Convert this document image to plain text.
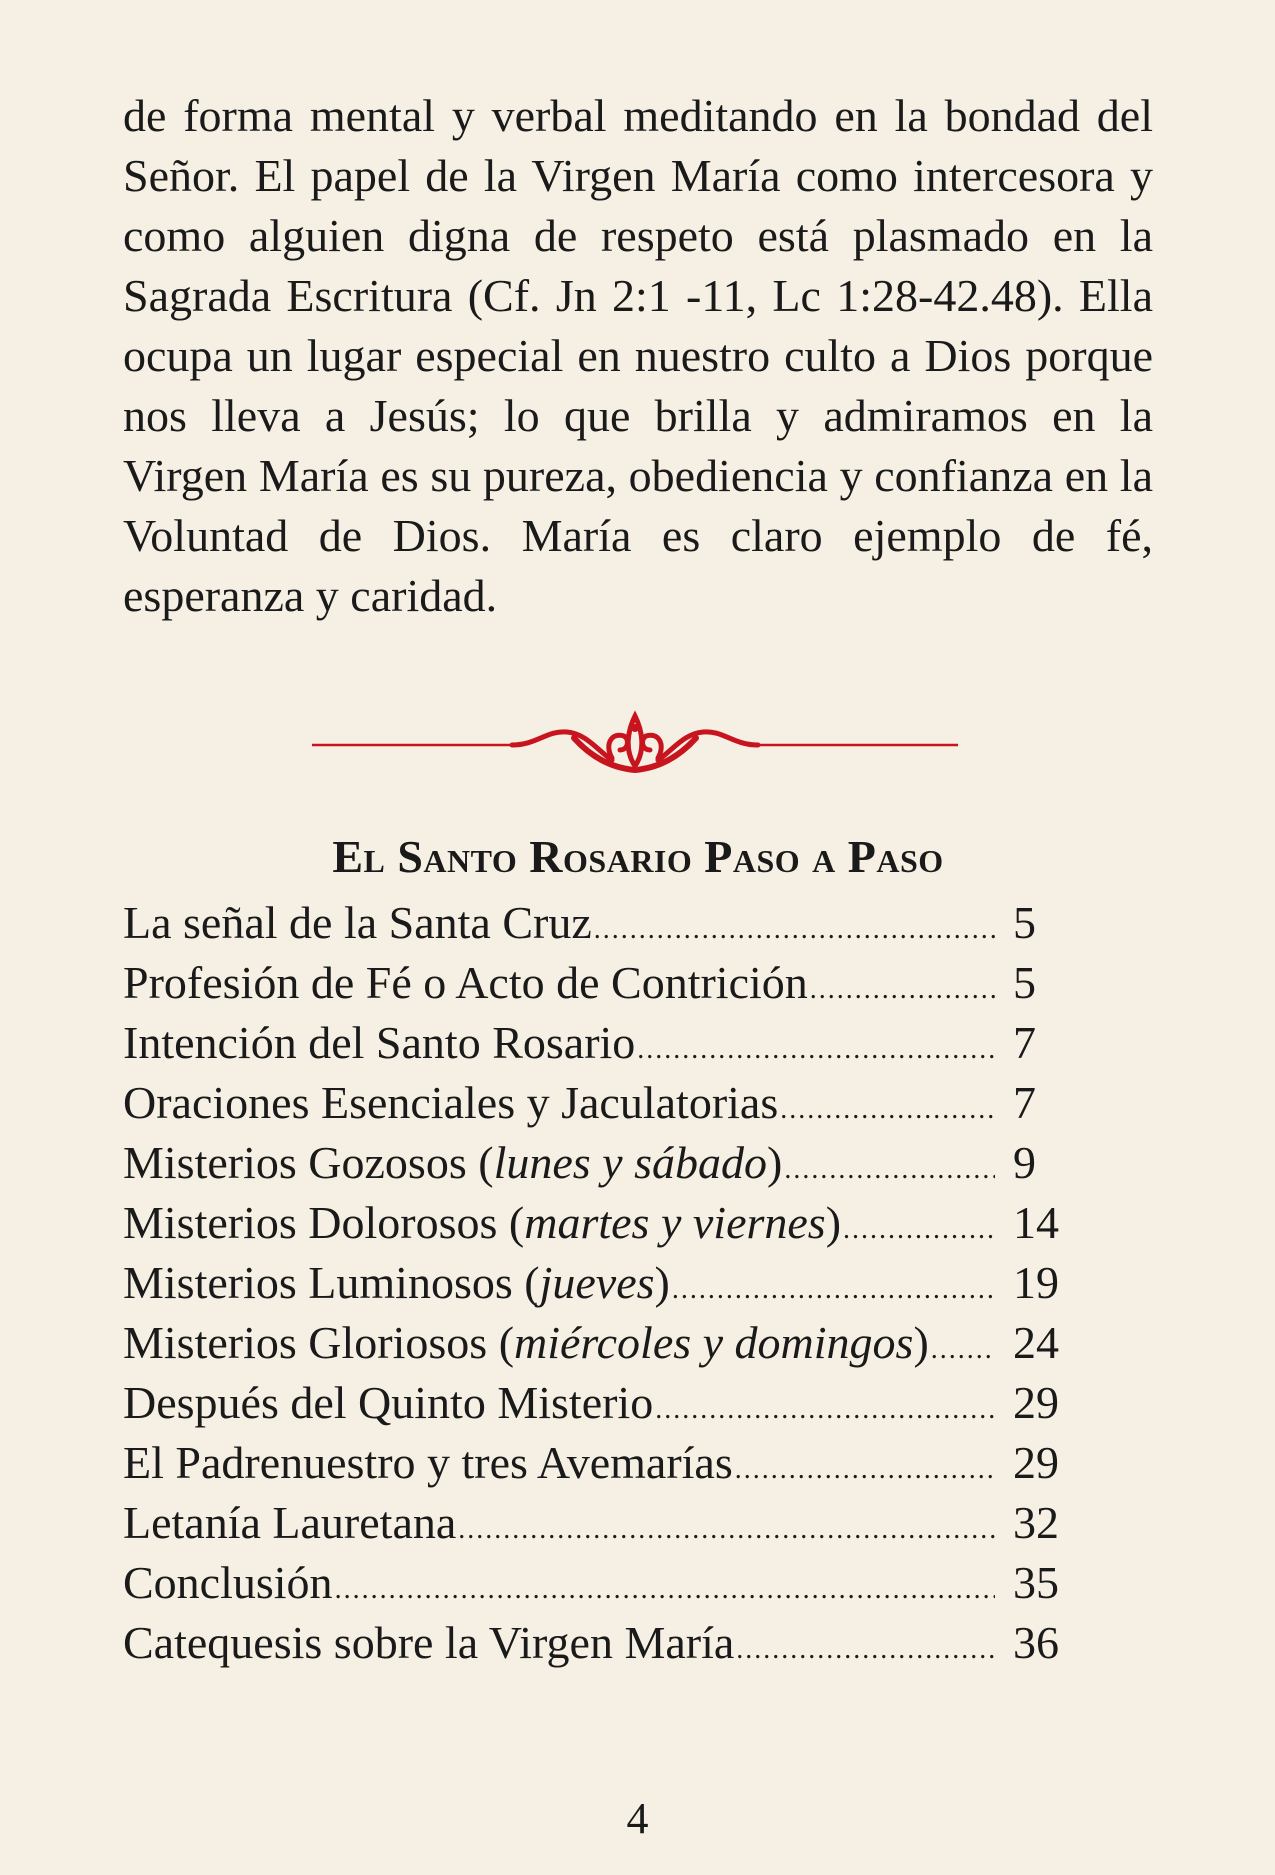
de forma mental y verbal meditando en la bondad del Señor. El papel de la Virgen María como intercesora y como alguien digna de respeto está plasmado en la Sagrada Escritura (Cf. Jn 2:1 -11, Lc 1:28-42.48). Ella ocupa un lugar especial en nuestro culto a Dios porque nos lleva a Jesús; lo que brilla y admiramos en la Virgen María es su pureza, obediencia y confianza en la Voluntad de Dios. María es claro ejemplo de fé, esperanza y caridad.

El Santo Rosario Paso a Paso
La señal de la Santa Cruz .....	5
Profesión de Fé o Acto de Contrición .....	5
Intención del Santo Rosario .....	7
Oraciones Esenciales y Jaculatorias .....	7
Misterios Gozosos (lunes y sábado) .....	9
Misterios Dolorosos (martes y viernes) .....	14
Misterios Luminosos (jueves) .....	19
Misterios Gloriosos (miércoles y domingos) .....	24
Después del Quinto Misterio .....	29
El Padrenuestro y tres Avemarías .....	29
Letanía Lauretana .....	32
Conclusión .....	35
Catequesis sobre la Virgen María .....	36

4
